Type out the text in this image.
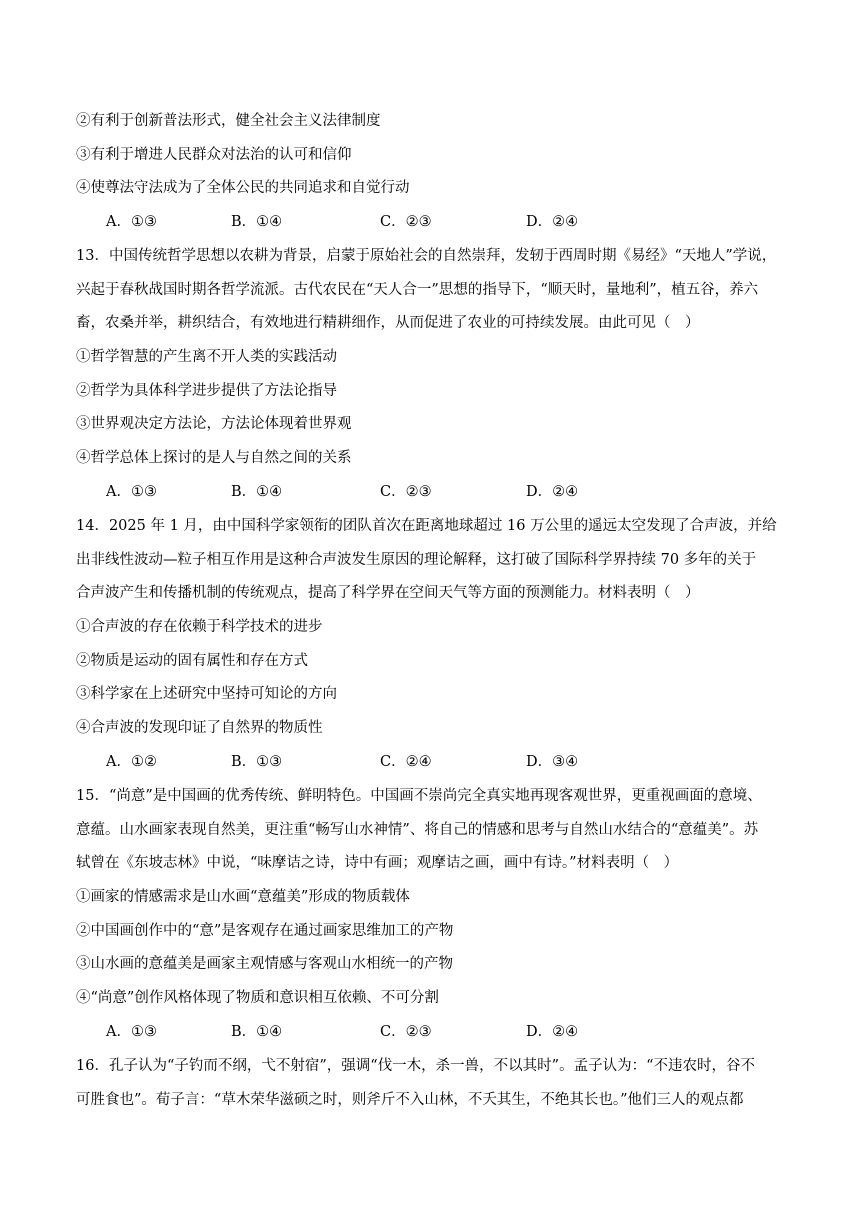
②有利于创新普法形式，健全社会主义法律制度
③有利于增进人民群众对法治的认可和信仰
④使尊法守法成为了全体公民的共同追求和自觉行动
A．①③	B．①④	C．②③	D．②④
13．中国传统哲学思想以农耕为背景，启蒙于原始社会的自然崇拜，发轫于西周时期《易经》“天地人”学说，
兴起于春秋战国时期各哲学流派。古代农民在“天人合一”思想的指导下，“顺天时，量地利”，植五谷，养六
畜，农桑并举，耕织结合，有效地进行精耕细作，从而促进了农业的可持续发展。由此可见（　）
①哲学智慧的产生离不开人类的实践活动
②哲学为具体科学进步提供了方法论指导
③世界观决定方法论，方法论体现着世界观
④哲学总体上探讨的是人与自然之间的关系
A．①③	B．①④	C．②③	D．②④
14．2025 年 1 月，由中国科学家领衔的团队首次在距离地球超过 16 万公里的遥远太空发现了合声波，并给
出非线性波动—粒子相互作用是这种合声波发生原因的理论解释，这打破了国际科学界持续 70 多年的关于
合声波产生和传播机制的传统观点，提高了科学界在空间天气等方面的预测能力。材料表明（　）
①合声波的存在依赖于科学技术的进步
②物质是运动的固有属性和存在方式
③科学家在上述研究中坚持可知论的方向
④合声波的发现印证了自然界的物质性
A．①②	B．①③	C．②④	D．③④
15．“尚意”是中国画的优秀传统、鲜明特色。中国画不崇尚完全真实地再现客观世界，更重视画面的意境、
意蕴。山水画家表现自然美，更注重“畅写山水神情”、将自己的情感和思考与自然山水结合的“意蕴美”。苏
轼曾在《东坡志林》中说，“味摩诘之诗，诗中有画；观摩诘之画，画中有诗。”材料表明（　）
①画家的情感需求是山水画“意蕴美”形成的物质载体
②中国画创作中的“意”是客观存在通过画家思维加工的产物
③山水画的意蕴美是画家主观情感与客观山水相统一的产物
④“尚意”创作风格体现了物质和意识相互依赖、不可分割
A．①③	B．①④	C．②③	D．②④
16．孔子认为“子钓而不纲，弋不射宿”，强调“伐一木，杀一兽，不以其时”。孟子认为：“不违农时，谷不
可胜食也”。荀子言：“草木荣华滋硕之时，则斧斤不入山林，不夭其生，不绝其长也。”他们三人的观点都
